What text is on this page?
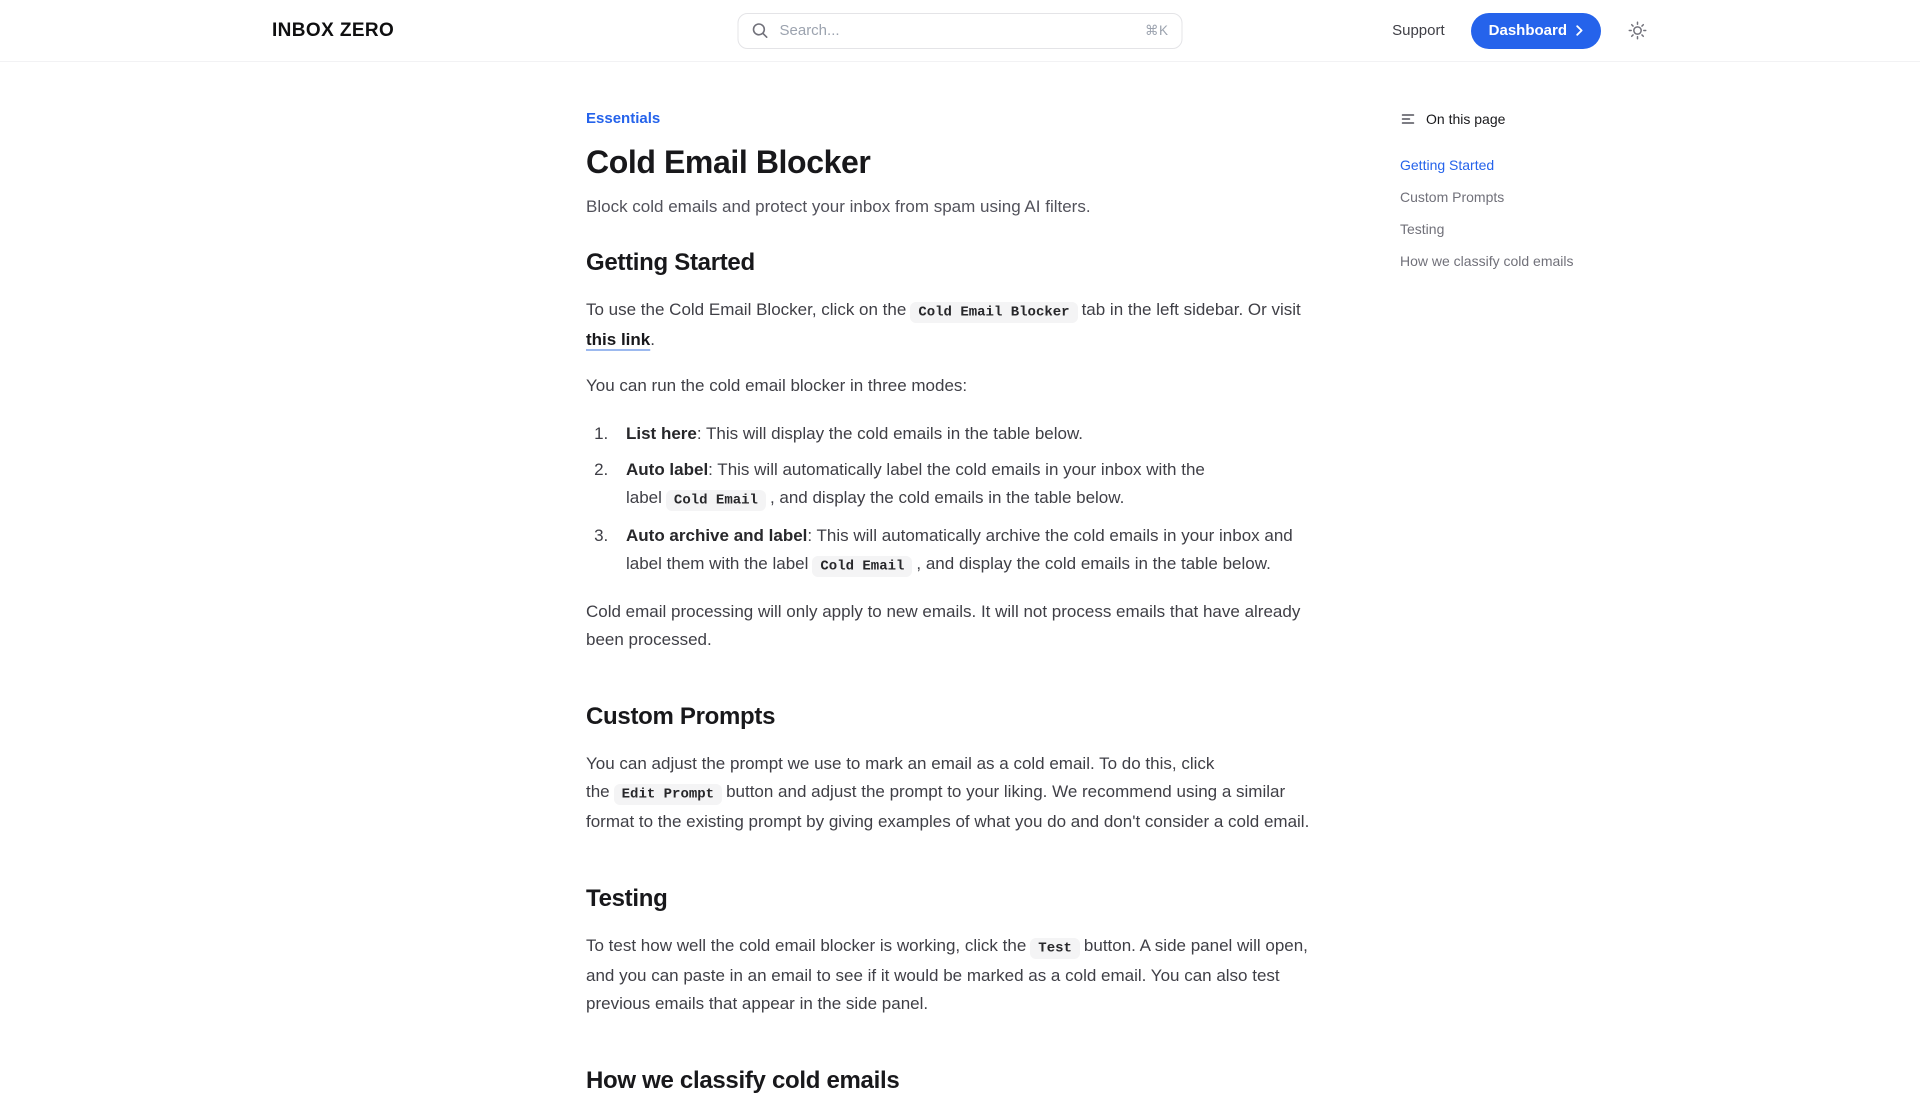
INBOX ZERO
Search...	⌘K	Support	Dashboard
Essentials
Cold Email Blocker
Block cold emails and protect your inbox from spam using AI filters.
Getting Started

To use the Cold Email Blocker, click on the Cold Email Blocker tab in the left sidebar. Or visit this link.

You can run the cold email blocker in three modes:

1. List here: This will display the cold emails in the table below.
2. Auto label: This will automatically label the cold emails in your inbox with the label Cold Email , and display the cold emails in the table below.
3. Auto archive and label: This will automatically archive the cold emails in your inbox and label them with the label Cold Email , and display the cold emails in the table below.

Cold email processing will only apply to new emails. It will not process emails that have already been processed.

Custom Prompts

You can adjust the prompt we use to mark an email as a cold email. To do this, click the Edit Prompt button and adjust the prompt to your liking. We recommend using a similar format to the existing prompt by giving examples of what you do and don't consider a cold email.

Testing

To test how well the cold email blocker is working, click the Test button. A side panel will open, and you can paste in an email to see if it would be marked as a cold email. You can also test previous emails that appear in the side panel.

How we classify cold emails
On this page
Getting Started
Custom Prompts
Testing
How we classify cold emails
